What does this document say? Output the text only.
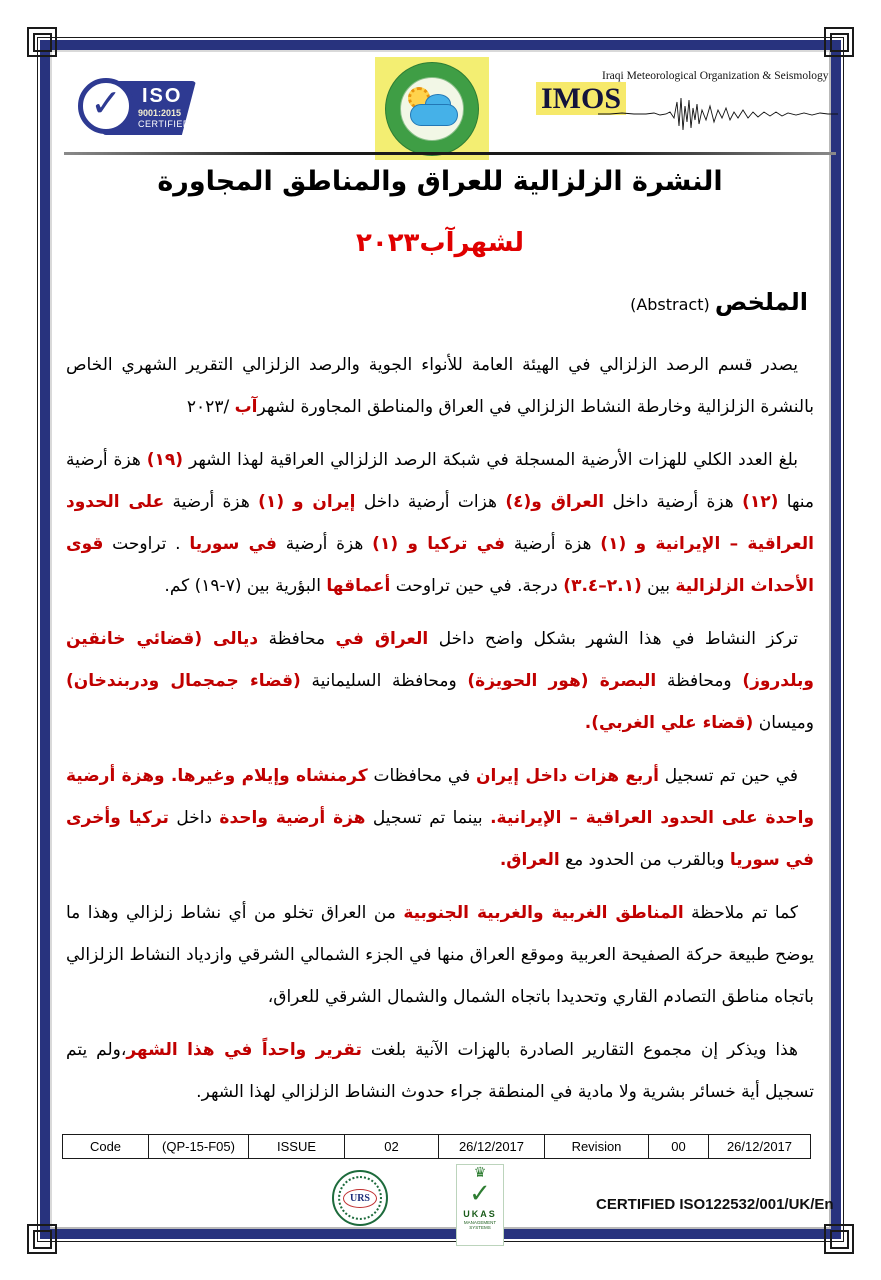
✓ ISO
9001:2015
CERTIFIED
IMOS
Iraqi Meteorological Organization & Seismology
النشرة الزلزالية للعراق والمناطق المجاورة
لشهرآب٢٠٢٣
الملخص (Abstract)

يصدر قسم الرصد الزلزالي في الهيئة العامة للأنواء الجوية والرصد الزلزالي التقرير الشهري الخاص بالنشرة الزلزالية وخارطة النشاط الزلزالي في العراق والمناطق المجاورة لشهرآب /٢٠٢٣

بلغ العدد الكلي للهزات الأرضية المسجلة في شبكة الرصد الزلزالي العراقية لهذا الشهر (١٩) هزة أرضية منها (١٢) هزة أرضية داخل العراق و(٤) هزات أرضية داخل إيران و (١) هزة أرضية على الحدود العراقية – الإيرانية و (١) هزة أرضية في تركيا و (١) هزة أرضية في سوريا . تراوحت قوى الأحداث الزلزالية بين (٢.١–٣.٤) درجة. في حين تراوحت أعماقها البؤرية بين (٧-١٩) كم.

تركز النشاط في هذا الشهر بشكل واضح داخل العراق في محافظة ديالى (قضائي خانقين وبلدروز) ومحافظة البصرة (هور الحويزة) ومحافظة السليمانية (قضاء جمجمال ودربندخان) وميسان (قضاء علي الغربي).

في حين تم تسجيل أربع هزات داخل إيران في محافظات كرمنشاه وإيلام وغيرها. وهزة أرضية واحدة على الحدود العراقية – الإيرانية. بينما تم تسجيل هزة أرضية واحدة داخل تركيا وأخرى في سوريا وبالقرب من الحدود مع العراق.

كما تم ملاحظة المناطق الغربية والغربية الجنوبية من العراق تخلو من أي نشاط زلزالي وهذا ما يوضح طبيعة حركة الصفيحة العربية وموقع العراق منها في الجزء الشمالي الشرقي وازدياد النشاط الزلزالي باتجاه مناطق التصادم القاري وتحديدا باتجاه الشمال والشمال الشرقي للعراق،

هذا ويذكر إن مجموع التقارير الصادرة بالهزات الآنية بلغت تقرير واحداً في هذا الشهر،ولم يتم تسجيل أية خسائر بشرية ولا مادية في المنطقة جراء حدوث النشاط الزلزالي لهذا الشهر.

Code	(QP-15-F05)	ISSUE	02	26/12/2017	Revision	00	26/12/2017
URS
♛
✓
UKAS
MANAGEMENT SYSTEMS
CERTIFIED ISO122532/001/UK/En
